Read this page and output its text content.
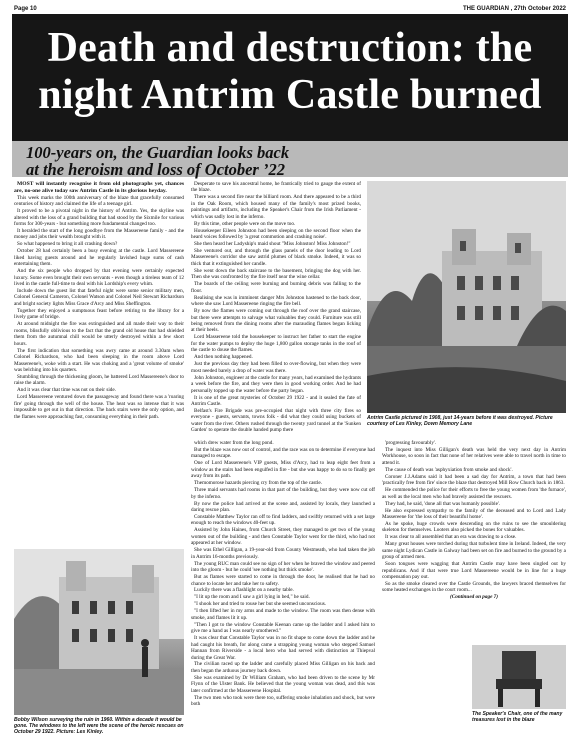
Page 10	THE GUARDIAN , 27th October 2022
Death and destruction: the
night Antrim Castle burned
100-years on, the Guardian looks back
at the heroism and loss of October ’22

MOST will instantly recognise it from old photographs yet, chances are, no-one alive today saw Antrim Castle in its glorious heyday.

This week marks the 100th anniversary of the blaze that gracefully consumed centuries of history and claimed the life of a teenage girl.

It proved to be a pivotal night in the history of Antrim. Yes, the skyline was altered with the loss of a grand building that had stood by the Sixmile for various forms for 300-years - but something more fundamental changed too.

It heralded the start of the long goodbye from the Massereene family - and the money and jobs their wealth brought with it.

So what happened to bring it all crashing down?

October 28 had certainly been a busy evening at the castle. Lord Massereene liked having guests around and he regularly lavished huge sums of cash entertaining them.

And the six people who dropped by that evening were certainly expected luxury. Some even brought their own servants - even though a tireless team of 12 lived in the castle full-time to deal with his Lordship's every whim.

Include down the guest list that fateful night were some senior military men, Colonel General Cameron, Colonel Watson and Colonel Neil Stewart Richardson and bright society lights Miss Grace d'Arcy and Miss Sheffington.

Together they enjoyed a sumptuous feast before retiring to the library for a lively game of bridge.

At around midnight the fire was extinguished and all made their way to their rooms, blissfully oblivious to the fact that the grand old house that had shielded them from the autumnal chill would be utterly destroyed within a few short hours.

The first indication that something was awry came at around 3.30am when Colonel Richardson, who had been sleeping in the room above Lord Massereene's, woke with a start. He was choking and a 'great volume of smoke' was belching into his quarters.

Stumbling through the thickening gloom, he battered Lord Massereene's door to raise the alarm.

And it was clear that time was not on their side.

Lord Massereene ventured down the passageway and found there was a 'roaring fire' going through the well of the house. The heat was so intense that it was impossible to get out in that direction. The back stairs were the only option, and the flames were approaching fast, consuming everything in their path.

Desperate to save his ancestral home, he frantically tried to gauge the extent of the blaze.

There was a second fire near the billiard room. And there appeared to be a third in the Oak Room, which housed many of the family's most prized books, paintings and artifacts, including the Speaker's Chair from the Irish Parliament - which was sadly lost in the inferno.

By this time, other people were on the move too.

Housekeeper Eileen Johnston had been sleeping on the second floor when the heard voices followed by 'a great commotion and crashing noise'.

She then heard her Ladyship's maid shout "Miss Johnston! Miss Johnston!"

She ventured out, and through the glass panels of the door leading to Lord Massereene's corridor she saw astrid plumes of black smoke. Indeed, it was so thick that it extinguished her candle.

She went down the back staircase to the basement, bringing the dog with her. Then she was confronted by the fire itself near the wine cellar.

The boards of the ceiling were burning and burning debris was falling to the floor.

Realising she was in imminent danger Mrs Johnston hastened to the back door, where she saw Lord Massereene ringing the fire bell.

By now the flames were coming out through the roof over the grand staircase, but there were attempts to salvage what valuables they could. Furniture was still being removed from the dining rooms after the marauding flames began licking at their heels.

Lord Massereene told the housekeeper to instruct her father to start the engine for the water pumps to deploy the huge 1,800 gallon storage tanks in the roof of the castle to douse the flames.

And then nothing happened.

Just the previous day they had been filled to over-flowing, but when they were most needed barely a drop of water was there.

John Johnston, engineer at the castle for many years, had examined the hydrants a week before the fire, and they were then in good working order. And he had personally topped up the water before the party began.

It is one of the great mysteries of October 29 1922 - and it sealed the fate of Antrim Castle.

Belfast's Fire Brigade was pre-occupied that night with three city fires so everyone - guests, servants, towns folk - did what they could using buckets of water from the river. Others rushed through the twenty yard tunnel at the 'Sunken Garden' to operate the double handed pump there

Antrim Castle pictured in 1908, just 14-years before it was destroyed. Picture courtesy of Les Kinley, Down Memory Lane
Bobby Wilson surveying the ruin in 1960. Within a decade it would be gone. The windows to the left were the scene of the heroic rescues on October 29 1922. Picture: Les Kinley.

which drew water from the long pond.

But the blaze was now out of control, and the race was on to determine if everyone had managed to escape.

One of Lord Massereene's VIP guests, Miss d'Arcy, had to leap eight feet from a window as the stairs had been engulfed in fire - but she was happy to do so to finally get away from its path.

Themomorose hazards piercing cry from the top of the castle.

Three maid servants had rooms in that part of the building, but they were now cut off by the inferno.

By now the police had arrived at the scene and, assisted by locals, they launched a daring rescue plan.

Constable Matthew Taylor ran off to find ladders, and swiftly returned with a set large enough to reach the windows 40-feet up.

Assisted by John Haines, from Church Street, they managed to get two of the young women out of the building - and then Constable Taylor went for the third, who had not appeared at her window.

She was Ethel Gilligan, a 19-year-old from County Westmeath, who had taken the job in Antrim 16-months previously.

The young RUC man could see no sign of her when he braved the window and peered into the gloom - but he could 'see nothing but thick smoke'.

But as flames were started to come in through the door, he realised that he had no chance to locate her and take her to safety.

Luckily there was a flashlight on a nearby table.

"I lit up the room and I saw a girl lying in bed," he said.

"I shook her and tried to rouse her but she seemed unconscious.

"I then lifted her in my arms and made to the window. The room was then dense with smoke, and flames lit it up.

"Then I got to the window Constable Keenan came up the ladder and I asked him to give me a hand as I was nearly smothered."

It was clear that Constable Taylor was in no fit shape to come down the ladder and he had caught his breath, for along came a strapping young woman who stepped Samuel Hannan from Riverside - a local hero who had served with distinction at Thiepval during the Great War.

The civilian raced up the ladder and carefully placed Miss Gilligan on his back and then began the arduous journey back down.

She was examined by Dr William Graham, who had been driven to the scene by Mr Flynn of the Ulster Bank. He believed that the young woman was dead, and this was later confirmed at the Massereene Hospital.

The two men who took were there too, suffering smoke inhalation and shock, but were both

'progressing favourably'.

The inquest into Miss Gilligan's death was held the very next day in Antrim Workhouse, so soon in fact that none of her relatives were able to travel north in time to attend it.

The cause of death was 'asphyxiation from smoke and shock'.

Coroner J.J.Adams said it had been a sad day for Antrim, a town that had been 'practically free from fire' since the blaze that destroyed Mill Row Church back in 1863.

He commended the police for their efforts to free the young women from 'the furnace', as well as the local men who had bravely assisted the rescuers.

They had, he said, 'done all that was humanly possible'.

He also expressed sympathy to the family of the deceased and to Lord and Lady Massereene for 'the loss of their beautiful home'.

As he spoke, huge crowds were descending on the ruins to see the smouldering skeleton for themselves. Looters also picked the bones for valuables.

It was clear to all assembled that an era was drawing to a close.

Many great houses were torched during that turbulent time in Ireland. Indeed, the very same night Lydican Castle in Galway had been set on fire and burned to the ground by a group of armed men.

Soon tongues were wagging that Antrim Castle may have been singled out by republicans. And if that were true Lord Massereene would be in line for a huge compensation pay out.

So as the smoke cleared over the Castle Grounds, the lawyers braced themselves for some heated exchanges in the court room...

(Continued on page 7)

The Speaker's Chair, one of the many treasures lost in the blaze
